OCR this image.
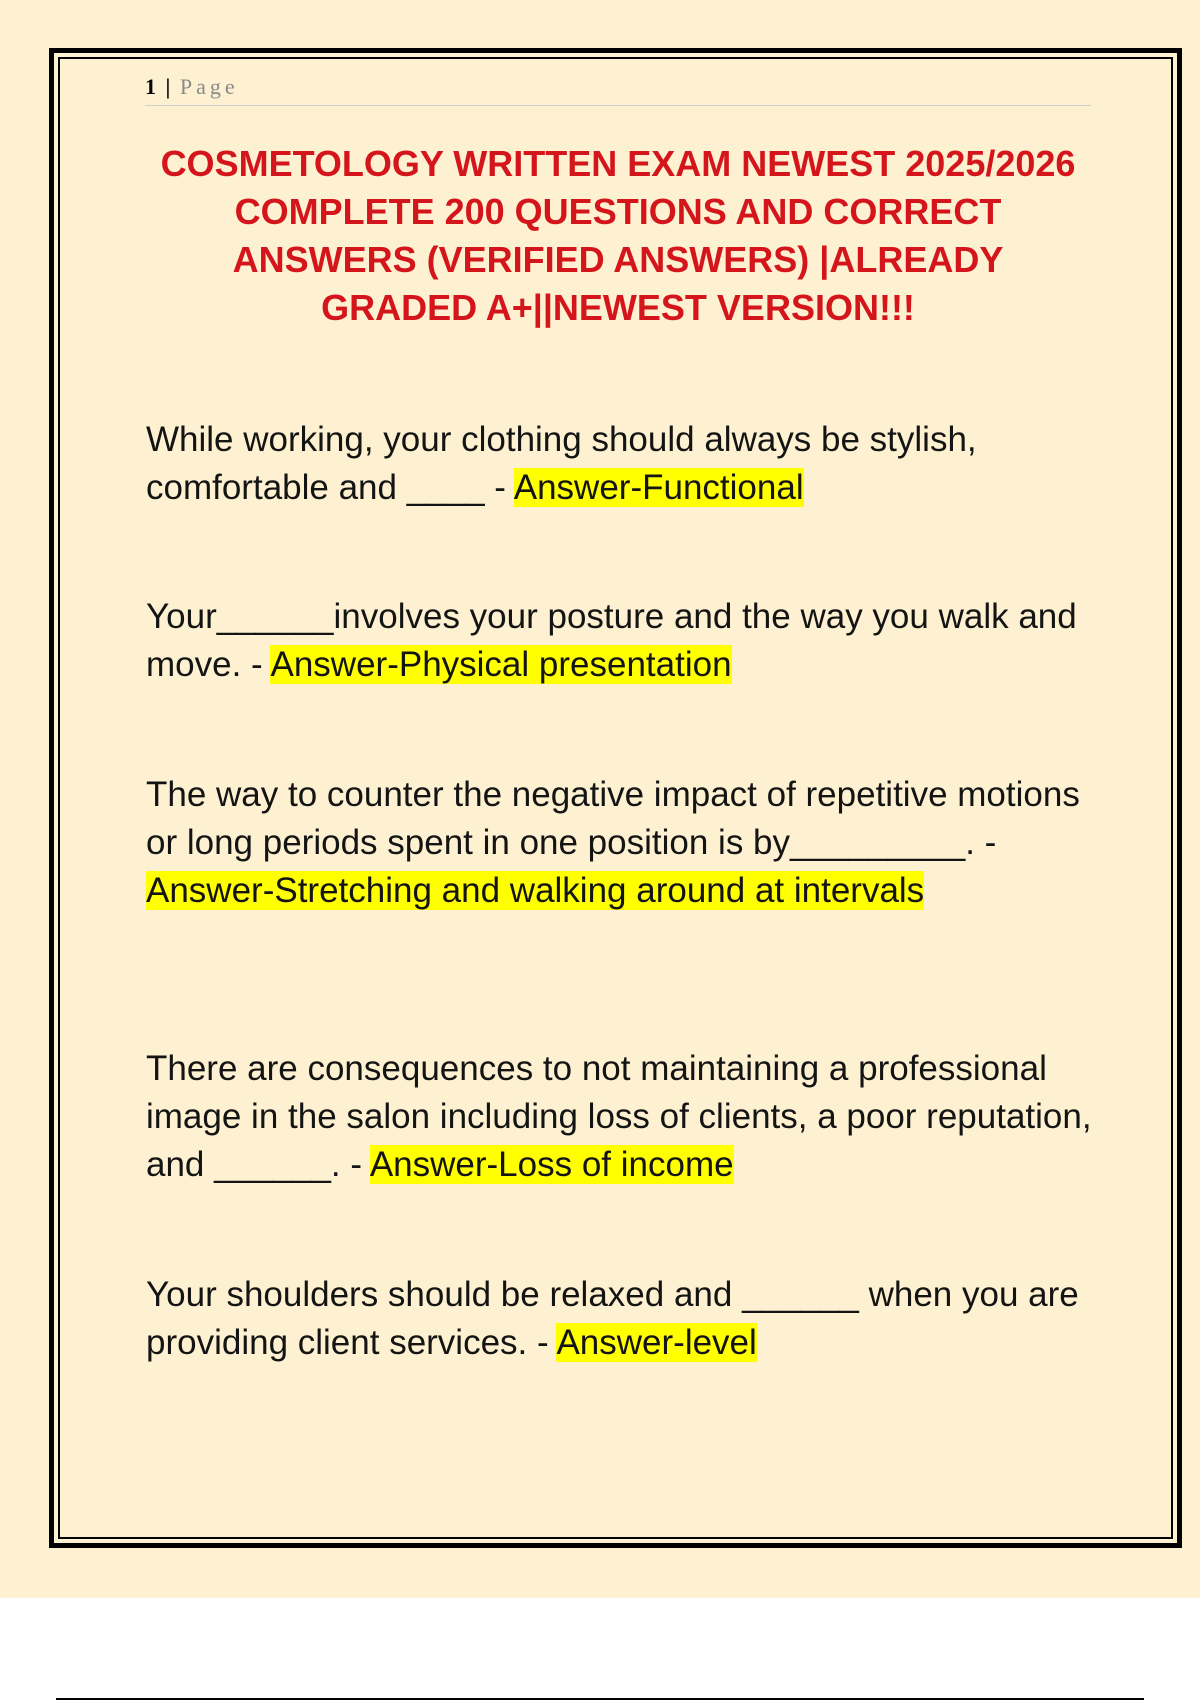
1 | Page
COSMETOLOGY WRITTEN EXAM NEWEST 2025/2026
COMPLETE 200 QUESTIONS AND CORRECT
ANSWERS (VERIFIED ANSWERS) |ALREADY
GRADED A+||NEWEST VERSION!!!
While working, your clothing should always be stylish, comfortable and ____ - Answer-Functional
Your______involves your posture and the way you walk and move. - Answer-Physical presentation
The way to counter the negative impact of repetitive motions or long periods spent in one position is by_________. - Answer-Stretching and walking around at intervals
There are consequences to not maintaining a professional image in the salon including loss of clients, a poor reputation, and ______. - Answer-Loss of income
Your shoulders should be relaxed and ______ when you are providing client services. - Answer-level
